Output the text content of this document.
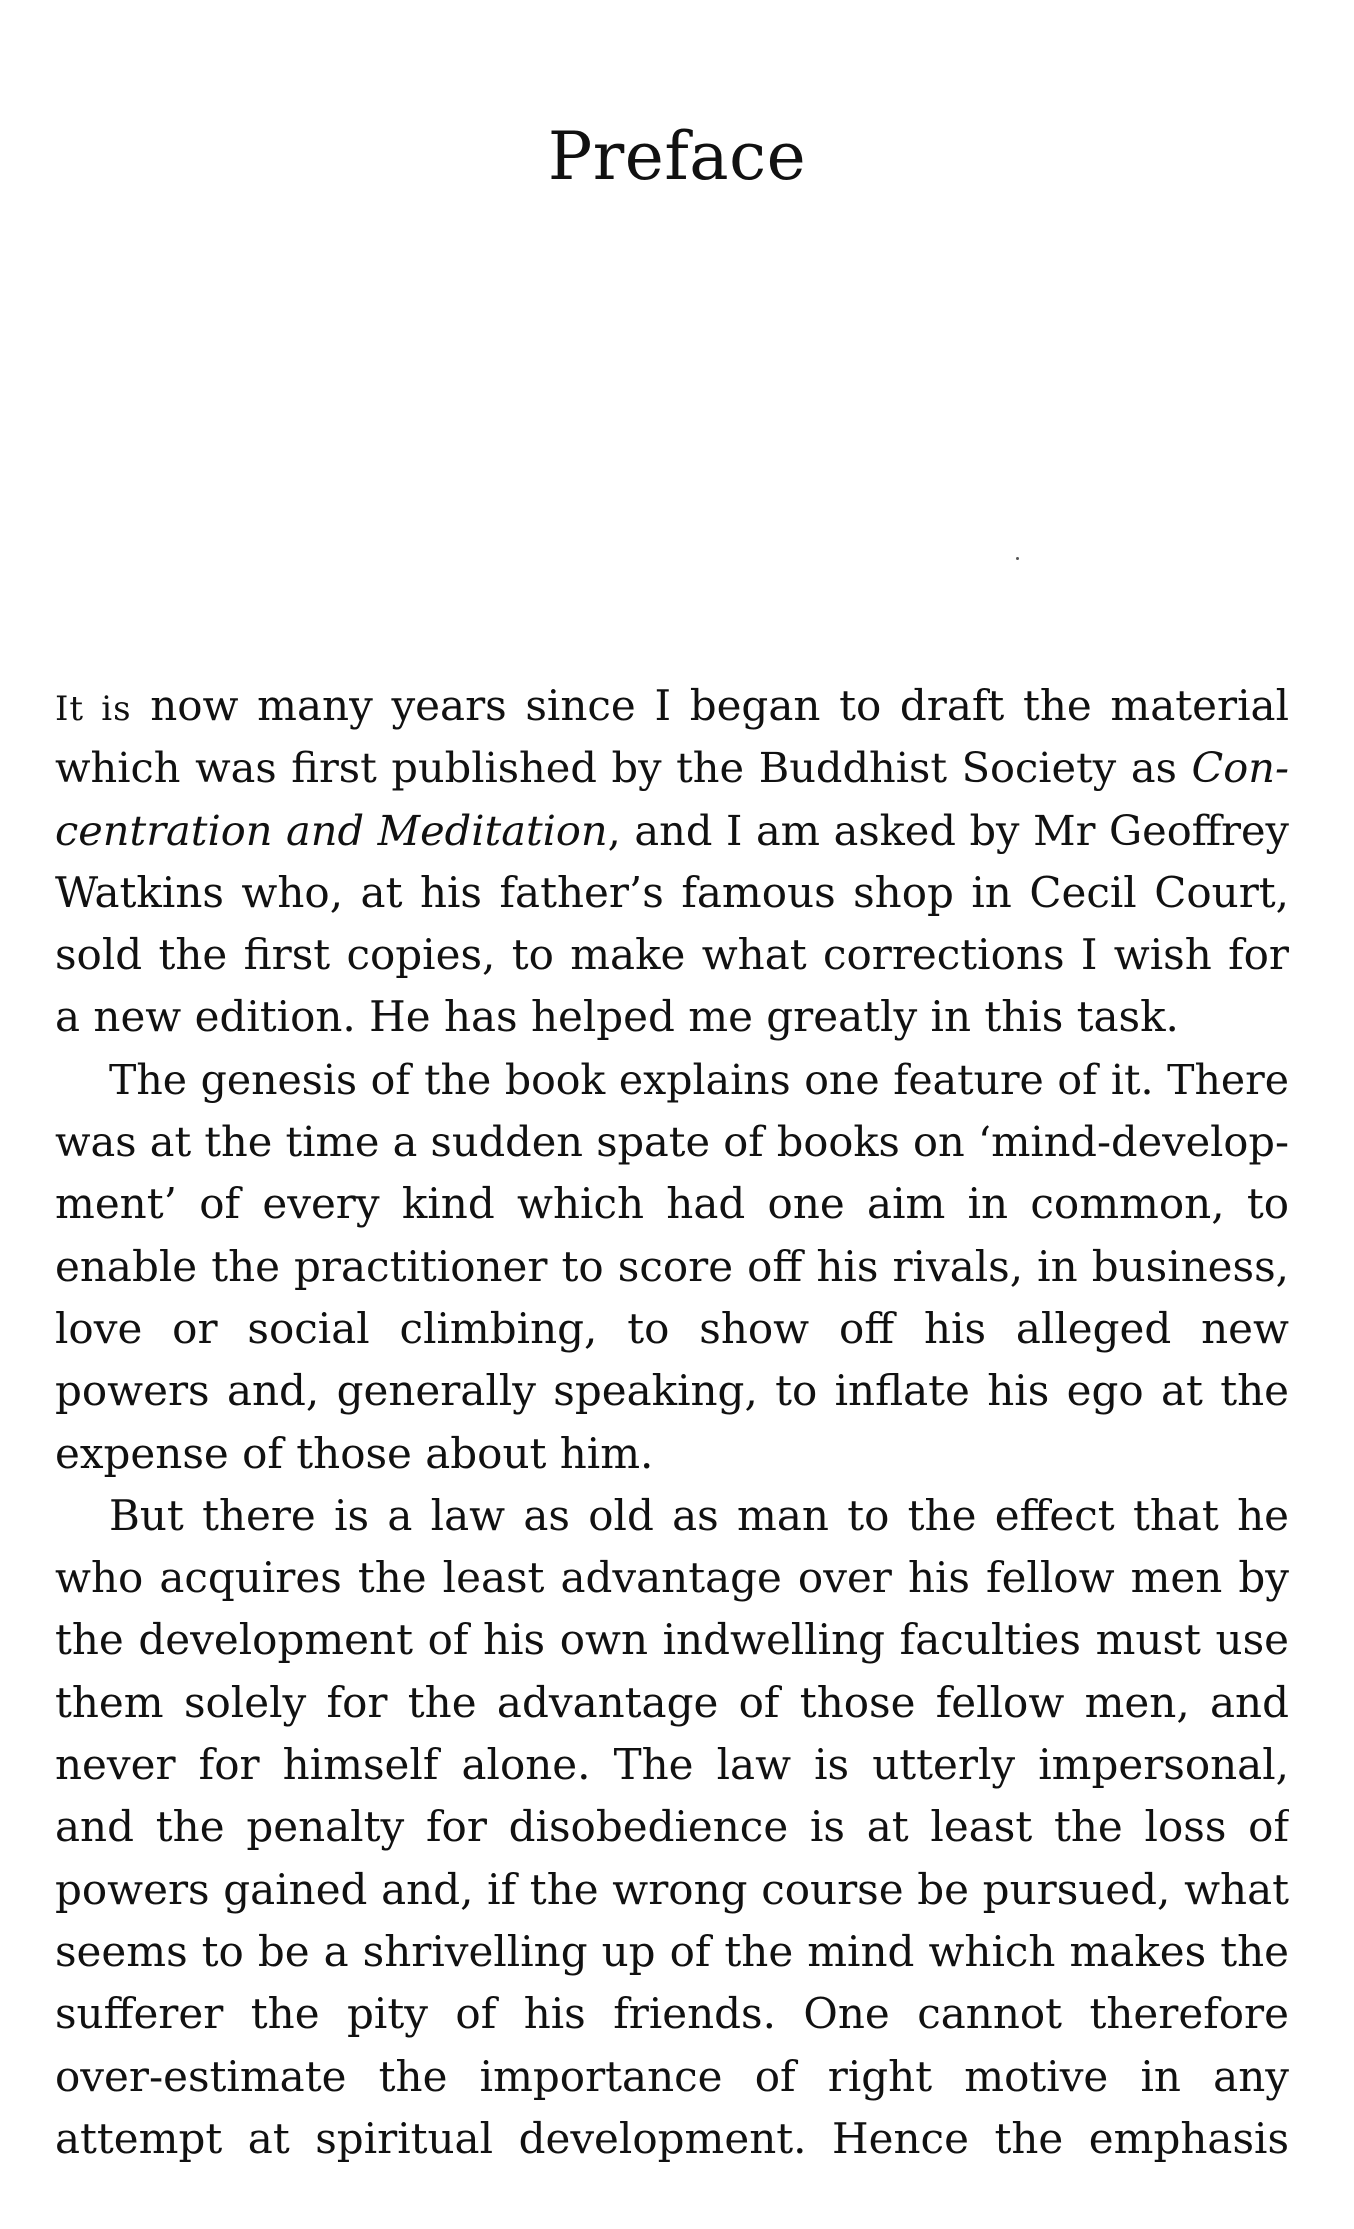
Preface
It is now many years since I began to draft the material
which was first published by the Buddhist Society as Con-
centration and Meditation, and I am asked by Mr Geoffrey
Watkins who, at his father’s famous shop in Cecil Court,
sold the first copies, to make what corrections I wish for
a new edition. He has helped me greatly in this task.
The genesis of the book explains one feature of it. There
was at the time a sudden spate of books on ‘mind-develop-
ment’ of every kind which had one aim in common, to
enable the practitioner to score off his rivals, in business,
love or social climbing, to show off his alleged new
powers and, generally speaking, to inflate his ego at the
expense of those about him.
But there is a law as old as man to the effect that he
who acquires the least advantage over his fellow men by
the development of his own indwelling faculties must use
them solely for the advantage of those fellow men, and
never for himself alone. The law is utterly impersonal,
and the penalty for disobedience is at least the loss of
powers gained and, if the wrong course be pursued, what
seems to be a shrivelling up of the mind which makes the
sufferer the pity of his friends. One cannot therefore
over-estimate the importance of right motive in any
attempt at spiritual development. Hence the emphasis
